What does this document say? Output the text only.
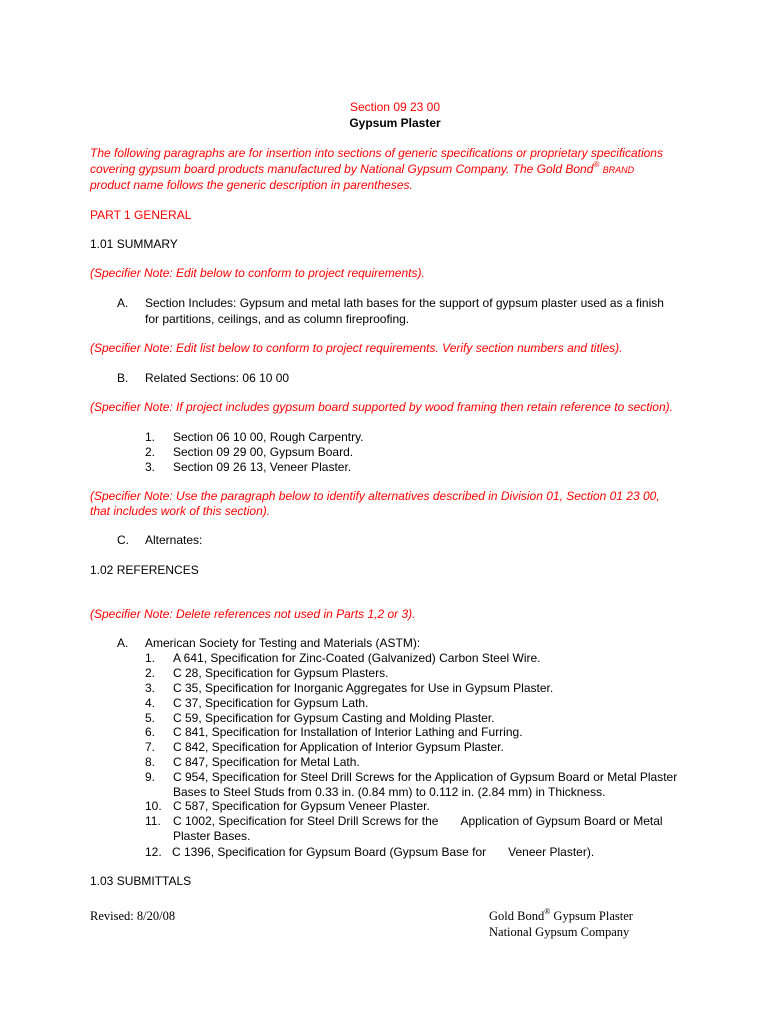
Section 09 23 00
Gypsum Plaster
The following paragraphs are for insertion into sections of generic specifications or proprietary specifications
covering gypsum board products manufactured by National Gypsum Company. The Gold Bond® BRAND
product name follows the generic description in parentheses.
PART 1 GENERAL
1.01 SUMMARY
(Specifier Note: Edit below to conform to project requirements).
A. Section Includes: Gypsum and metal lath bases for the support of gypsum plaster used as a finish
for partitions, ceilings, and as column fireproofing.
(Specifier Note: Edit list below to conform to project requirements. Verify section numbers and titles).
B. Related Sections: 06 10 00
(Specifier Note: If project includes gypsum board supported by wood framing then retain reference to section).
1. Section 06 10 00, Rough Carpentry.
2. Section 09 29 00, Gypsum Board.
3. Section 09 26 13, Veneer Plaster.
(Specifier Note: Use the paragraph below to identify alternatives described in Division 01, Section 01 23 00,
that includes work of this section).
C. Alternates:
1.02 REFERENCES
(Specifier Note: Delete references not used in Parts 1,2 or 3).
A. American Society for Testing and Materials (ASTM):
1. A 641, Specification for Zinc-Coated (Galvanized) Carbon Steel Wire.
2. C 28, Specification for Gypsum Plasters.
3. C 35, Specification for Inorganic Aggregates for Use in Gypsum Plaster.
4. C 37, Specification for Gypsum Lath.
5. C 59, Specification for Gypsum Casting and Molding Plaster.
6. C 841, Specification for Installation of Interior Lathing and Furring.
7. C 842, Specification for Application of Interior Gypsum Plaster.
8. C 847, Specification for Metal Lath.
9. C 954, Specification for Steel Drill Screws for the Application of Gypsum Board or Metal Plaster
Bases to Steel Studs from 0.33 in. (0.84 mm) to 0.112 in. (2.84 mm) in Thickness.
10. C 587, Specification for Gypsum Veneer Plaster.
11. C 1002, Specification for Steel Drill Screws for the Application of Gypsum Board or Metal
Plaster Bases.
12. C 1396, Specification for Gypsum Board (Gypsum Base for Veneer Plaster).
1.03 SUBMITTALS
Revised: 8/20/08	Gold Bond® Gypsum Plaster
National Gypsum Company
